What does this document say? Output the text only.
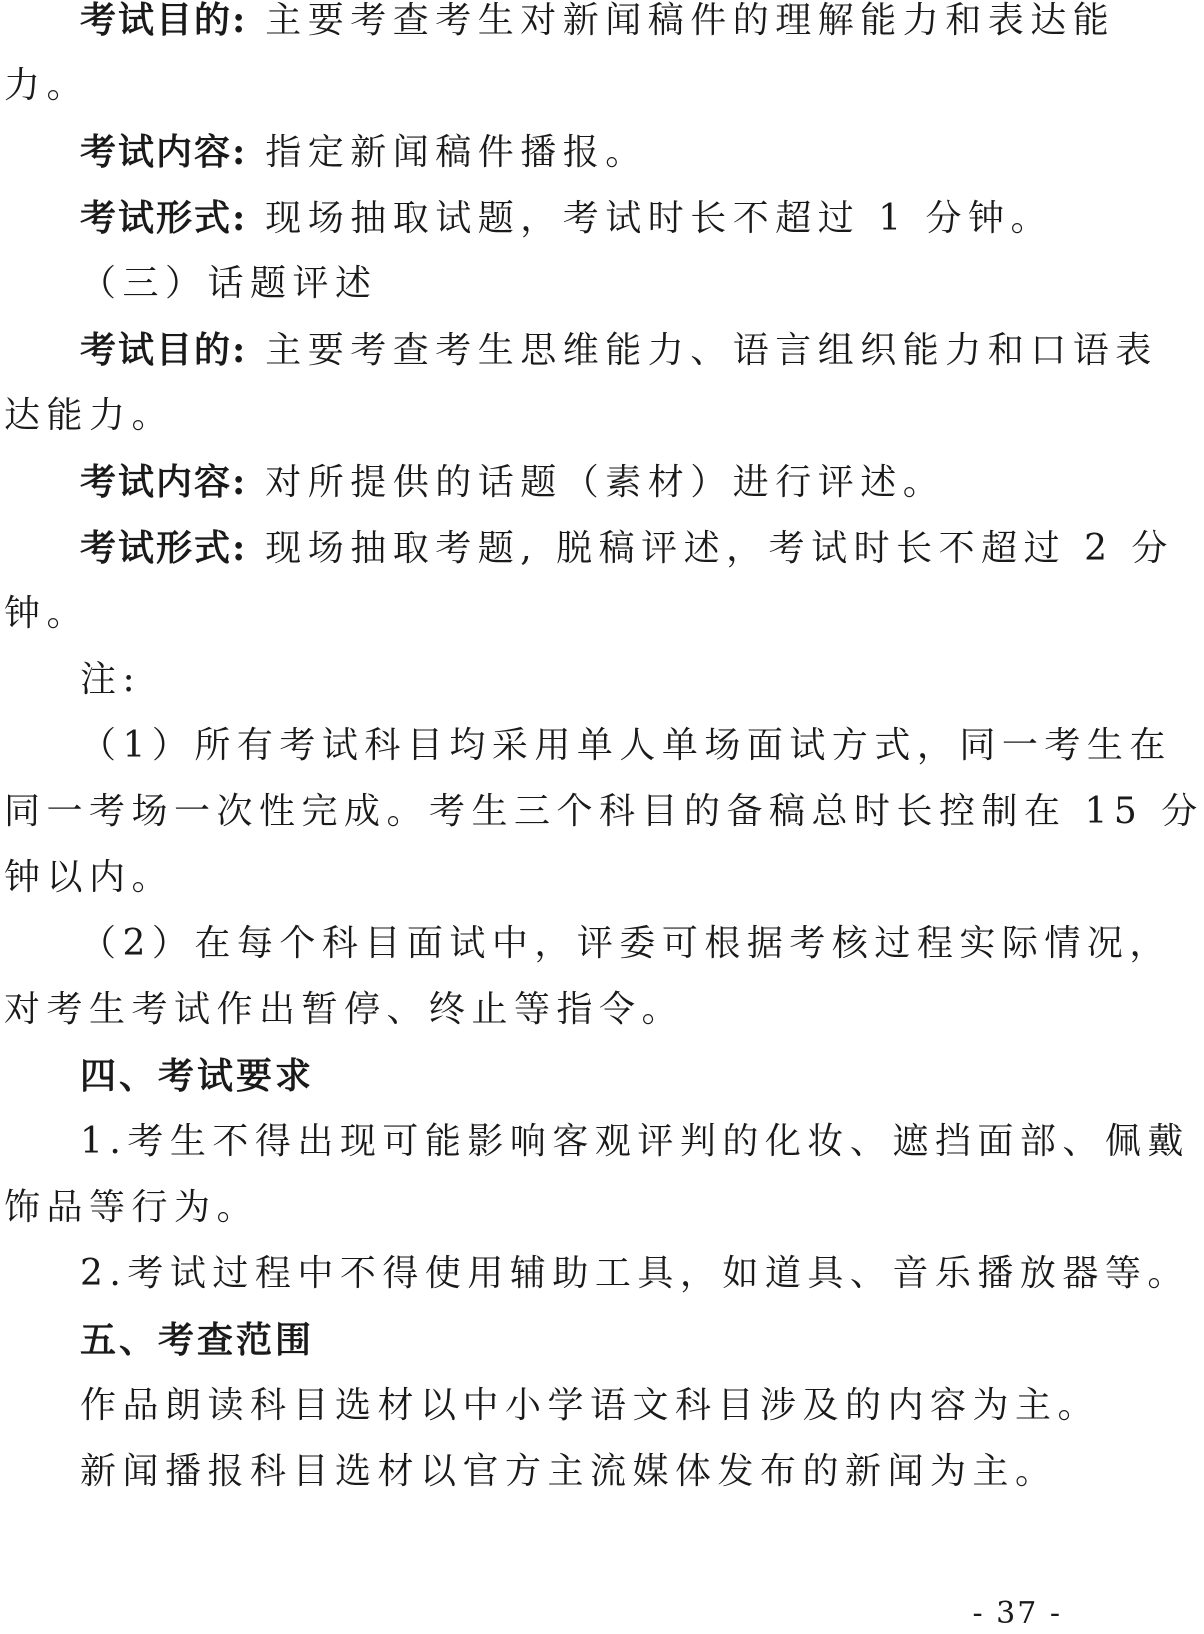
考试目的: 主要考查考生对新闻稿件的理解能力和表达能
力。
考试内容: 指定新闻稿件播报。
考试形式: 现场抽取试题，考试时长不超过 1 分钟。
（三）话题评述
考试目的: 主要考查考生思维能力、语言组织能力和口语表
达能力。
考试内容: 对所提供的话题（素材）进行评述。
考试形式: 现场抽取考题, 脱稿评述，考试时长不超过 2 分
钟。
注:
（1）所有考试科目均采用单人单场面试方式，同一考生在
同一考场一次性完成。考生三个科目的备稿总时长控制在 15 分
钟以内。
（2）在每个科目面试中，评委可根据考核过程实际情况，
对考生考试作出暂停、终止等指令。
四、考试要求
1.考生不得出现可能影响客观评判的化妆、遮挡面部、佩戴
饰品等行为。
2.考试过程中不得使用辅助工具，如道具、音乐播放器等。
五、考查范围
作品朗读科目选材以中小学语文科目涉及的内容为主。
新闻播报科目选材以官方主流媒体发布的新闻为主。
- 37 -
